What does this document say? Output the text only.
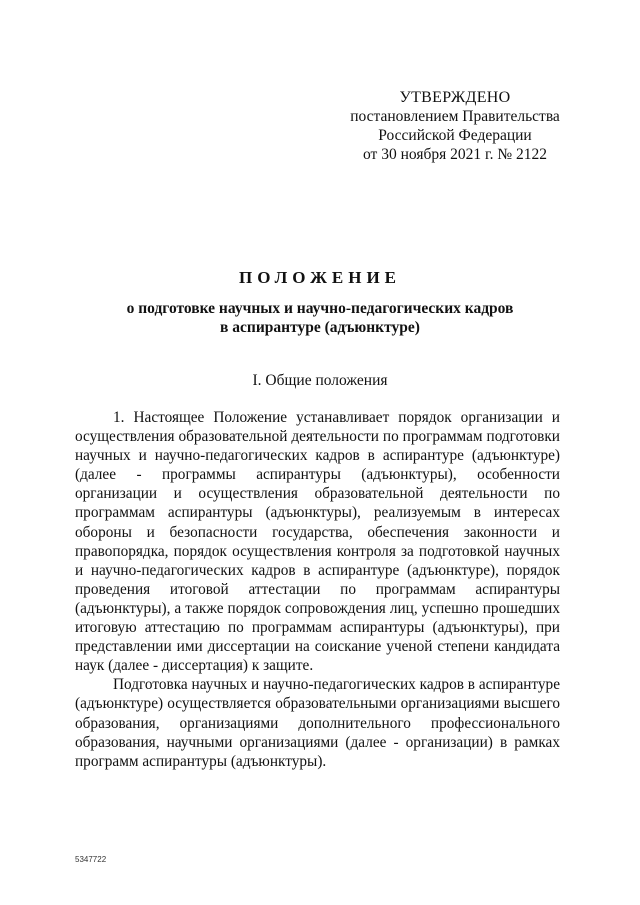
УТВЕРЖДЕНО
постановлением Правительства
Российской Федерации
от 30 ноября 2021 г. № 2122
ПОЛОЖЕНИЕ
о подготовке научных и научно-педагогических кадров
в аспирантуре (адъюнктуре)
I. Общие положения

1. Настоящее Положение устанавливает порядок организации и осуществления образовательной деятельности по программам подготовки научных и научно-педагогических кадров в аспирантуре (адъюнктуре) (далее - программы аспирантуры (адъюнктуры), особенности организации и осуществления образовательной деятельности по программам аспирантуры (адъюнктуры), реализуемым в интересах обороны и безопасности государства, обеспечения законности и правопорядка, порядок осуществления контроля за подготовкой научных и научно-педагогических кадров в аспирантуре (адъюнктуре), порядок проведения итоговой аттестации по программам аспирантуры (адъюнктуры), а также порядок сопровождения лиц, успешно прошедших итоговую аттестацию по программам аспирантуры (адъюнктуры), при представлении ими диссертации на соискание ученой степени кандидата наук (далее - диссертация) к защите.

Подготовка научных и научно-педагогических кадров в аспирантуре (адъюнктуре) осуществляется образовательными организациями высшего образования, организациями дополнительного профессионального образования, научными организациями (далее - организации) в рамках программ аспирантуры (адъюнктуры).

5347722
